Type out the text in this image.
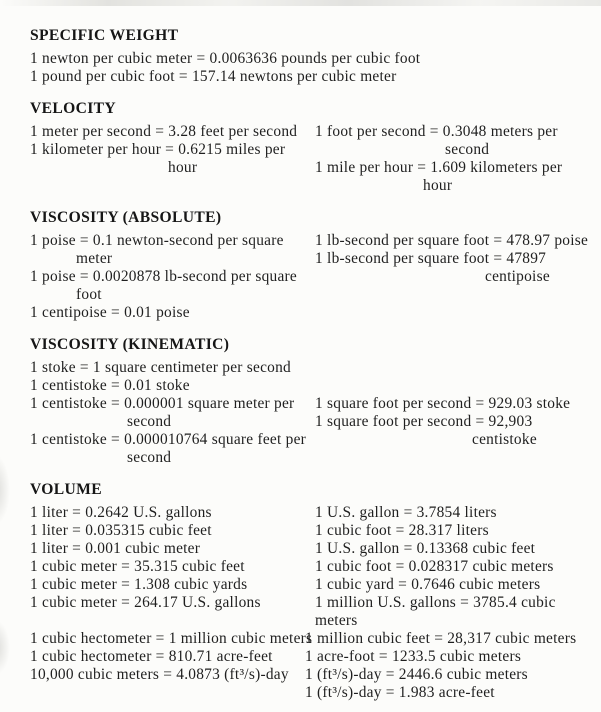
SPECIFIC WEIGHT
1 newton per cubic meter = 0.0063636 pounds per cubic foot
1 pound per cubic foot = 157.14 newtons per cubic meter
VELOCITY
1 meter per second = 3.28 feet per second
1 kilometer per hour = 0.6215 miles per
hour
1 foot per second = 0.3048 meters per
second
1 mile per hour = 1.609 kilometers per
hour
VISCOSITY (ABSOLUTE)
1 poise = 0.1 newton-second per square
meter
1 poise = 0.0020878 lb-second per square
foot
1 centipoise = 0.01 poise
1 lb-second per square foot = 478.97 poise
1 lb-second per square foot = 47897
centipoise
VISCOSITY (KINEMATIC)
1 stoke = 1 square centimeter per second
1 centistoke = 0.01 stoke
1 centistoke = 0.000001 square meter per
second
1 centistoke = 0.000010764 square feet per
second
1 square foot per second = 929.03 stoke
1 square foot per second = 92,903
centistoke
VOLUME
1 liter = 0.2642 U.S. gallons
1 liter = 0.035315 cubic feet
1 liter = 0.001 cubic meter
1 cubic meter = 35.315 cubic feet
1 cubic meter = 1.308 cubic yards
1 cubic meter = 264.17 U.S. gallons
1 cubic hectometer = 1 million cubic meters
1 cubic hectometer = 810.71 acre-feet
10,000 cubic meters = 4.0873 (ft³/s)-day
1 U.S. gallon = 3.7854 liters
1 cubic foot = 28.317 liters
1 U.S. gallon = 0.13368 cubic feet
1 cubic foot = 0.028317 cubic meters
1 cubic yard = 0.7646 cubic meters
1 million U.S. gallons = 3785.4 cubic
meters
1 million cubic feet = 28,317 cubic meters
1 acre-foot = 1233.5 cubic meters
1 (ft³/s)-day = 2446.6 cubic meters
1 (ft³/s)-day = 1.983 acre-feet
